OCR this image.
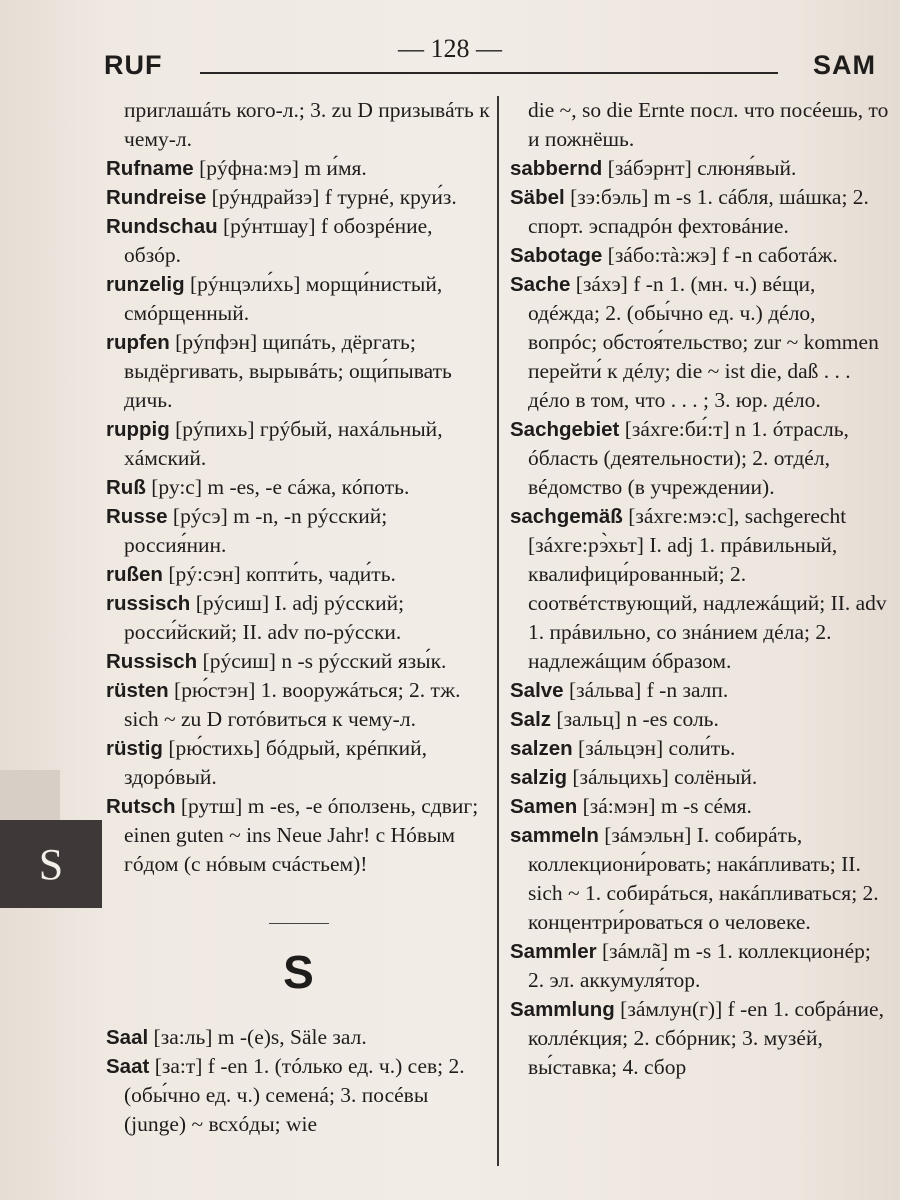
— 128 —
RUF	SAM
S

приглашáть кого-л.; 3. zu D призывáть к чему-л.

Rufname [рýфна:мэ] m и́мя.

Rundreise [рýндрайзэ] f турнé, круи́з.

Rundschau [рýнтшау] f обозрéние, обзóр.

runzelig [рýнцэли́хь] морщи́нистый, смóрщенный.

rupfen [рýпфэн] щипáть, дёргать; выдёргивать, вырывáть; ощи́пывать дичь.

ruppig [рýпихь] грýбый, нахáльный, хáмский.

Ruß [ру:с] m -es, -e сáжа, кóпоть.

Russe [рýсэ] m -n, -n рýсский; россия́нин.

rußen [рý:сэн] копти́ть, чади́ть.

russisch [рýсиш] I. adj рýсский; росси́йский; II. adv по-рýсски.

Russisch [рýсиш] n -s рýсский язы́к.

rüsten [рю́стэн] 1. вооружáться; 2. тж. sich ~ zu D готóвиться к чему-л.

rüstig [рю́стихь] бóдрый, крéпкий, здорóвый.

Rutsch [рутш] m -es, -e óползень, сдвиг; einen guten ~ ins Neue Jahr! с Нóвым гóдом (с нóвым счáстьем)!

S

Saal [за:ль] m -(e)s, Säle зал.

Saat [за:т] f -en 1. (тóлько ед. ч.) сев; 2. (обы́чно ед. ч.) семенá; 3. посéвы (junge) ~ всхóды; wie

die ~, so die Ernte посл. что посéешь, то и пожнёшь.

sabbernd [зáбэрнт] слюня́вый.

Säbel [зэ:бэль] m -s 1. сáбля, шáшка; 2. спорт. эспадрóн фехтовáние.

Sabotage [зáбо:тà:жэ] f -n саботáж.

Sache [зáхэ] f -n 1. (мн. ч.) вéщи, одéжда; 2. (обы́чно ед. ч.) дéло, вопрóс; обстоя́тельство; zur ~ kommen перейти́ к дéлу; die ~ ist die, daß . . . дéло в том, что . . . ; 3. юр. дéло.

Sachgebiet [зáхге:би́:т] n 1. óтрасль, óбласть (деятельности); 2. отдéл, вéдомство (в учреждении).

sachgemäß [зáхге:мэ:с], sachgerecht [зáхге:рэ̀хьт] I. adj 1. прáвильный, квалифици́рованный; 2. соотвéтствующий, надлежáщий; II. adv 1. прáвильно, со знáнием дéла; 2. надлежáщим óбразом.

Salve [зáльва] f -n залп.

Salz [зальц] n -es соль.

salzen [зáльцэн] соли́ть.

salzig [зáльцихь] солёный.

Samen [зá:мэн] m -s сéмя.

sammeln [зáмэльн] I. собирáть, коллекциони́ровать; накáпливать; II. sich ~ 1. собирáться, накáпливаться; 2. концентри́роваться о человеке.

Sammler [зáмлã] m -s 1. коллекционéр; 2. эл. аккумуля́тор.

Sammlung [зáмлун(г)] f -en 1. собрáние, коллéкция; 2. сбóрник; 3. музéй, вы́ставка; 4. сбор
